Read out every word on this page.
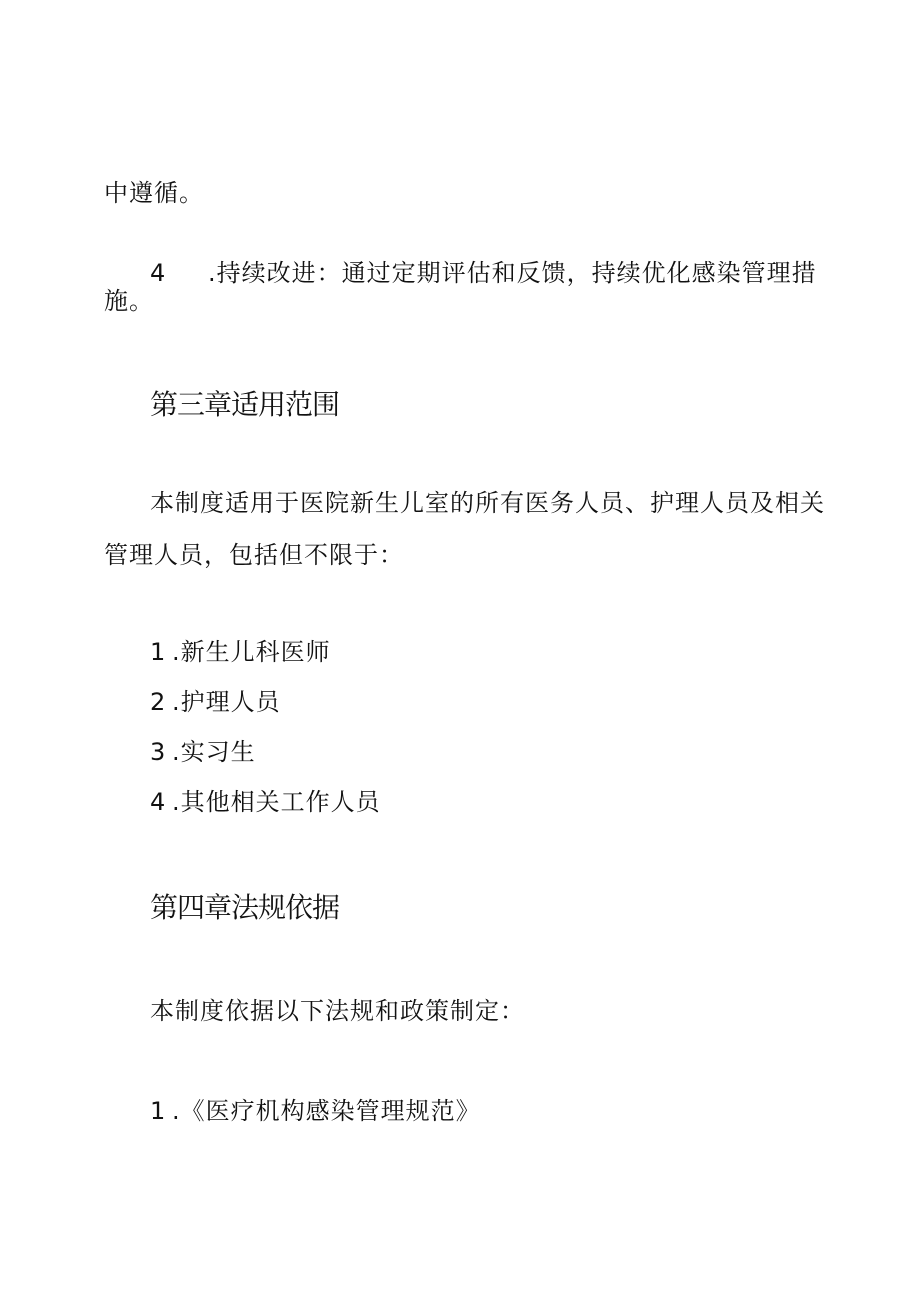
中遵循。
4 .持续改进：通过定期评估和反馈，持续优化感染管理措
施。
第三章适用范围
本制度适用于医院新生儿室的所有医务人员、护理人员及相关
管理人员，包括但不限于：
1 .新生儿科医师
2 .护理人员
3 .实习生
4 .其他相关工作人员
第四章法规依据
本制度依据以下法规和政策制定：
1 .《医疗机构感染管理规范》
